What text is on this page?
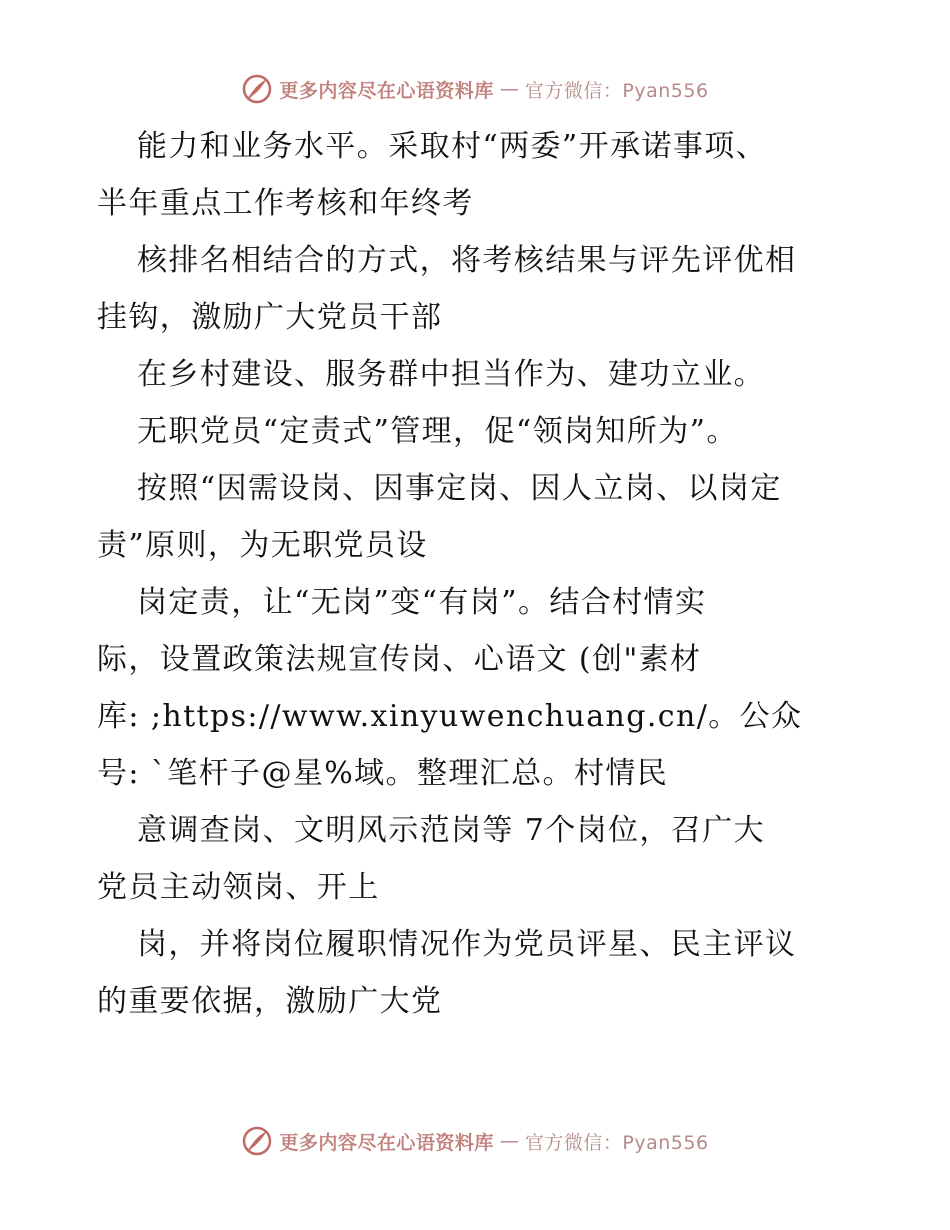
更多内容尽在心语资料库 — 官方微信：Pyan556

能力和业务水平。采取村“两委”开承诺事项、
半年重点工作考核和年终考
核排名相结合的方式，将考核结果与评先评优相
挂钩，激励广大党员干部
在乡村建设、服务群中担当作为、建功立业。
无职党员“定责式”管理，促“领岗知所为”。
按照“因需设岗、因事定岗、因人立岗、以岗定
责”原则，为无职党员设
岗定责，让“无岗”变“有岗”。结合村情实
际，设置政策法规宣传岗、心语文 (创"素材
库: ;https://www.xinyuwenchuang.cn/。公众
号: `笔杆子@星%域。整理汇总。村情民
意调查岗、文明风示范岗等 7个岗位，召广大
党员主动领岗、开上
岗，并将岗位履职情况作为党员评星、民主评议
的重要依据，激励广大党

更多内容尽在心语资料库 — 官方微信：Pyan556
